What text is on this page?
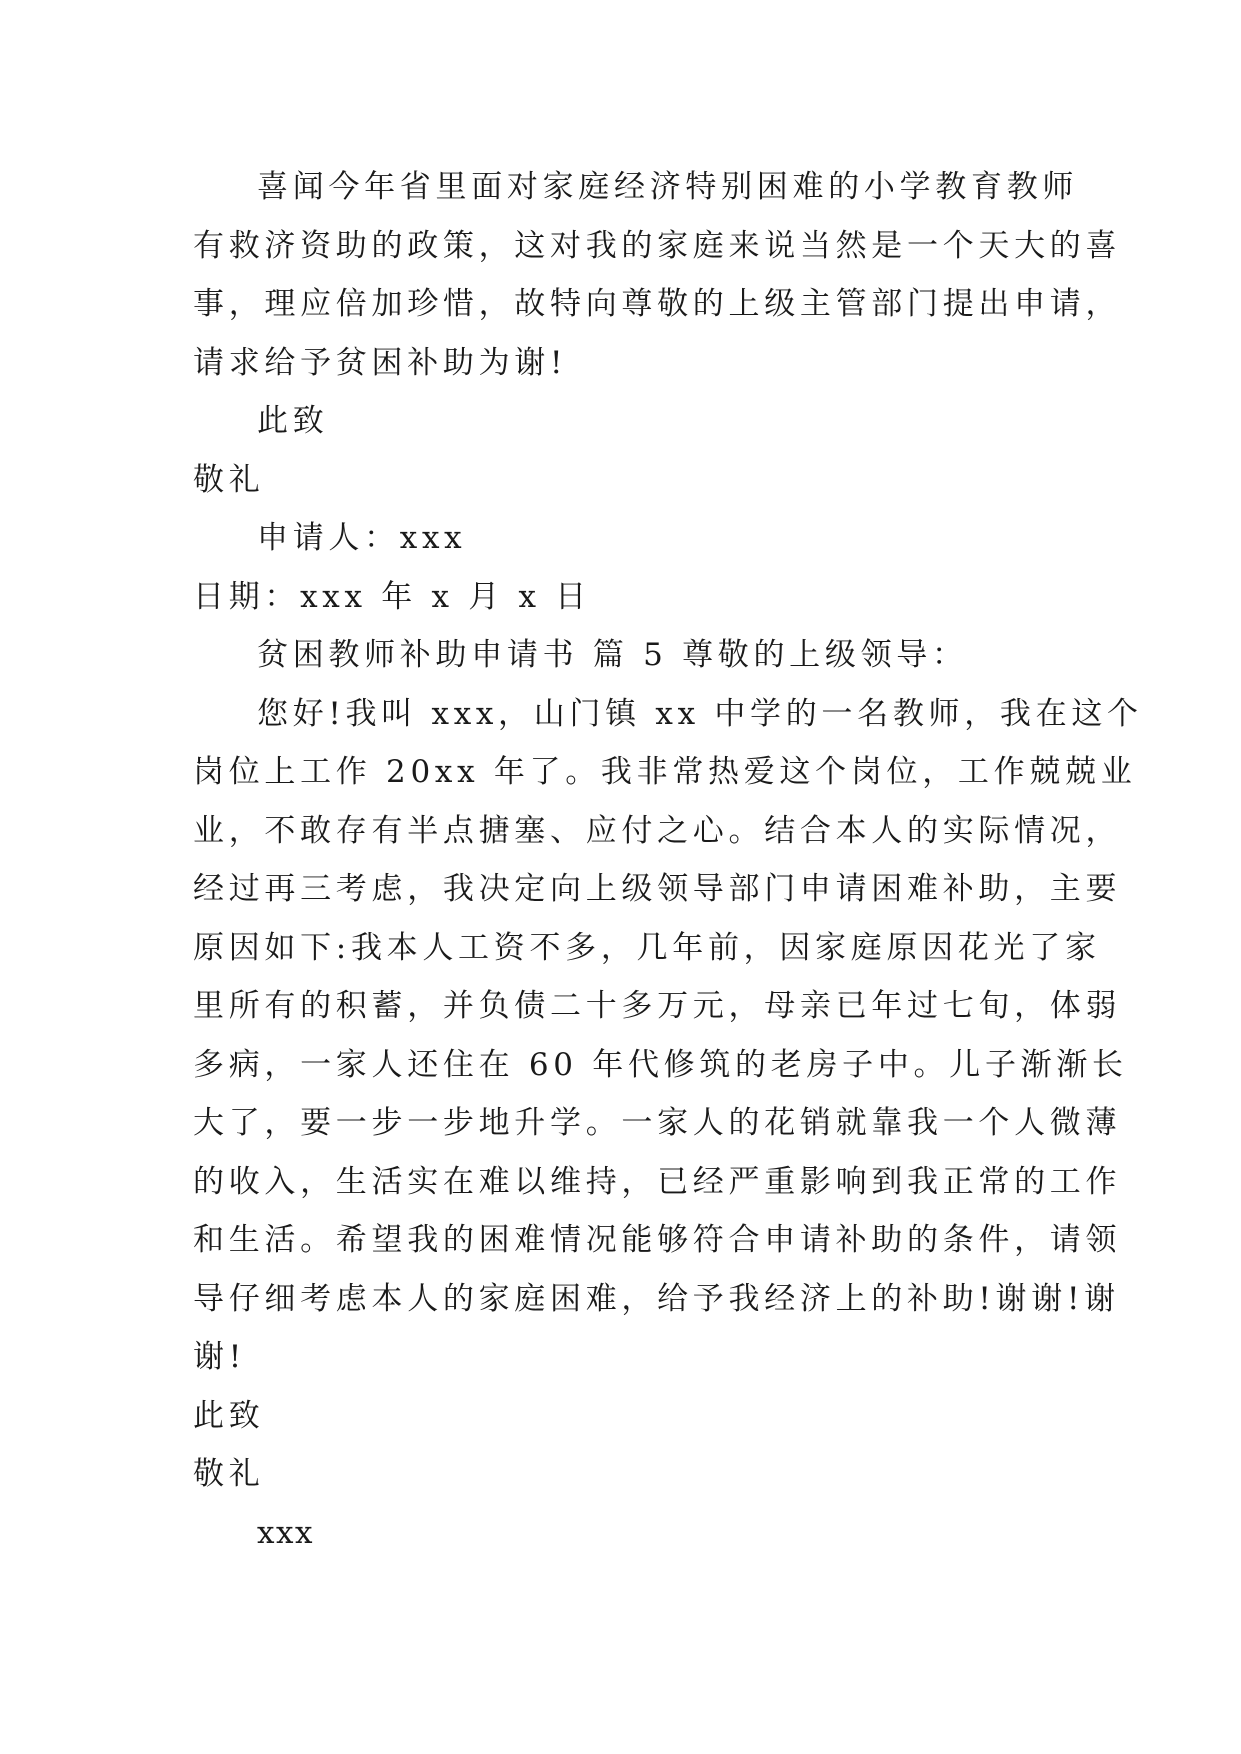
喜闻今年省里面对家庭经济特别困难的小学教育教师
有救济资助的政策，这对我的家庭来说当然是一个天大的喜
事，理应倍加珍惜，故特向尊敬的上级主管部门提出申请，
请求给予贫困补助为谢!
此致
敬礼
申请人：xxx
日期：xxx 年 x 月 x 日
贫困教师补助申请书 篇 5 尊敬的上级领导：
您好!我叫 xxx，山门镇 xx 中学的一名教师，我在这个
岗位上工作 20xx 年了。我非常热爱这个岗位，工作兢兢业
业，不敢存有半点搪塞、应付之心。结合本人的实际情况，
经过再三考虑，我决定向上级领导部门申请困难补助，主要
原因如下:我本人工资不多，几年前，因家庭原因花光了家
里所有的积蓄，并负债二十多万元，母亲已年过七旬，体弱
多病，一家人还住在 60 年代修筑的老房子中。儿子渐渐长
大了，要一步一步地升学。一家人的花销就靠我一个人微薄
的收入，生活实在难以维持，已经严重影响到我正常的工作
和生活。希望我的困难情况能够符合申请补助的条件，请领
导仔细考虑本人的家庭困难，给予我经济上的补助!谢谢!谢
谢!
此致
敬礼
xxx
